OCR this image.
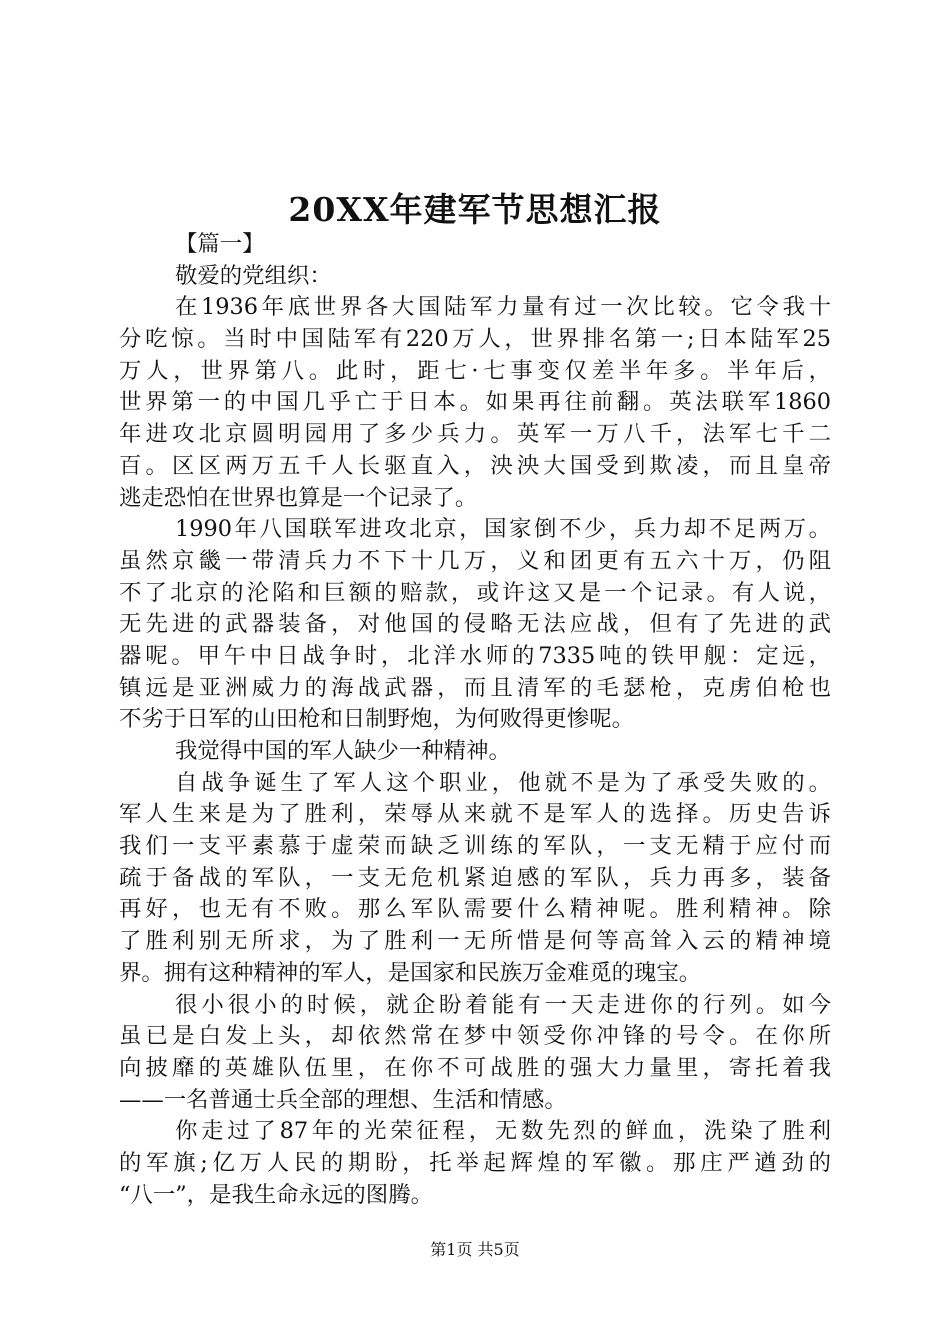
20XX年建军节思想汇报
【篇一】
敬爱的党组织：
在1936年底世界各大国陆军力量有过一次比较。它令我十
分吃惊。当时中国陆军有220万人，世界排名第一;日本陆军25
万人，世界第八。此时，距七·七事变仅差半年多。半年后，
世界第一的中国几乎亡于日本。如果再往前翻。英法联军1860
年进攻北京圆明园用了多少兵力。英军一万八千，法军七千二
百。区区两万五千人长驱直入，泱泱大国受到欺凌，而且皇帝
逃走恐怕在世界也算是一个记录了。
1990年八国联军进攻北京，国家倒不少，兵力却不足两万。
虽然京畿一带清兵力不下十几万，义和团更有五六十万，仍阻
不了北京的沦陷和巨额的赔款，或许这又是一个记录。有人说，
无先进的武器装备，对他国的侵略无法应战，但有了先进的武
器呢。甲午中日战争时，北洋水师的7335吨的铁甲舰：定远，
镇远是亚洲威力的海战武器，而且清军的毛瑟枪，克虏伯枪也
不劣于日军的山田枪和日制野炮，为何败得更惨呢。
我觉得中国的军人缺少一种精神。
自战争诞生了军人这个职业，他就不是为了承受失败的。
军人生来是为了胜利，荣辱从来就不是军人的选择。历史告诉
我们一支平素慕于虚荣而缺乏训练的军队，一支无精于应付而
疏于备战的军队，一支无危机紧迫感的军队，兵力再多，装备
再好，也无有不败。那么军队需要什么精神呢。胜利精神。除
了胜利别无所求，为了胜利一无所惜是何等高耸入云的精神境
界。拥有这种精神的军人，是国家和民族万金难觅的瑰宝。
很小很小的时候，就企盼着能有一天走进你的行列。如今
虽已是白发上头，却依然常在梦中领受你冲锋的号令。在你所
向披靡的英雄队伍里，在你不可战胜的强大力量里，寄托着我
——一名普通士兵全部的理想、生活和情感。
你走过了87年的光荣征程，无数先烈的鲜血，洗染了胜利
的军旗;亿万人民的期盼，托举起辉煌的军徽。那庄严遒劲的
“八一”，是我生命永远的图腾。
第1页 共5页
